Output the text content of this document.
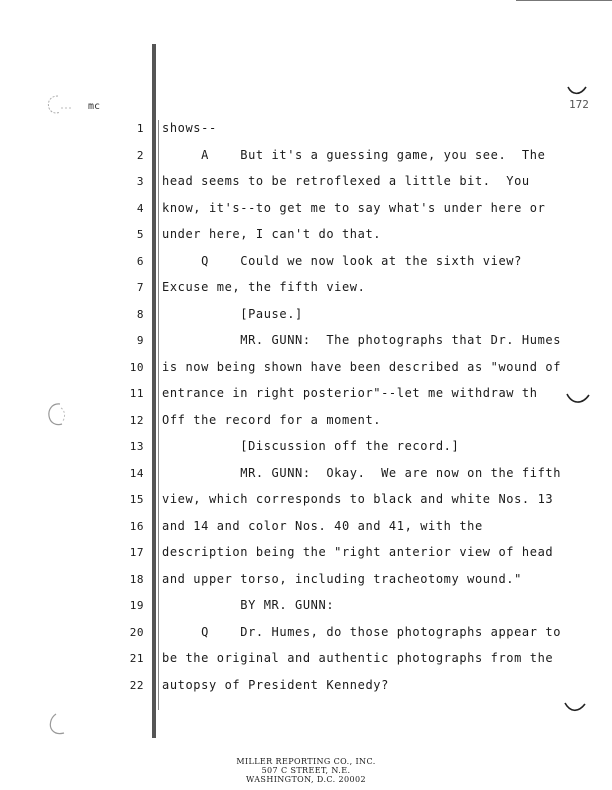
mc	172
1 shows--
2 A    But it's a guessing game, you see.  The
3 head seems to be retroflexed a little bit.  You
4 know, it's--to get me to say what's under here or
5 under here, I can't do that.
6 Q    Could we now look at the sixth view?
7 Excuse me, the fifth view.
8 [Pause.]
9 MR. GUNN:  The photographs that Dr. Humes
10 is now being shown have been described as "wound of
11 entrance in right posterior"--let me withdraw th
12 Off the record for a moment.
13 [Discussion off the record.]
14 MR. GUNN:  Okay.  We are now on the fifth
15 view, which corresponds to black and white Nos. 13
16 and 14 and color Nos. 40 and 41, with the
17 description being the "right anterior view of head
18 and upper torso, including tracheotomy wound."
19 BY MR. GUNN:
20 Q    Dr. Humes, do those photographs appear to
21 be the original and authentic photographs from the
22 autopsy of President Kennedy?
MILLER REPORTING CO., INC.
507 C STREET, N.E.
WASHINGTON, D.C. 20002
